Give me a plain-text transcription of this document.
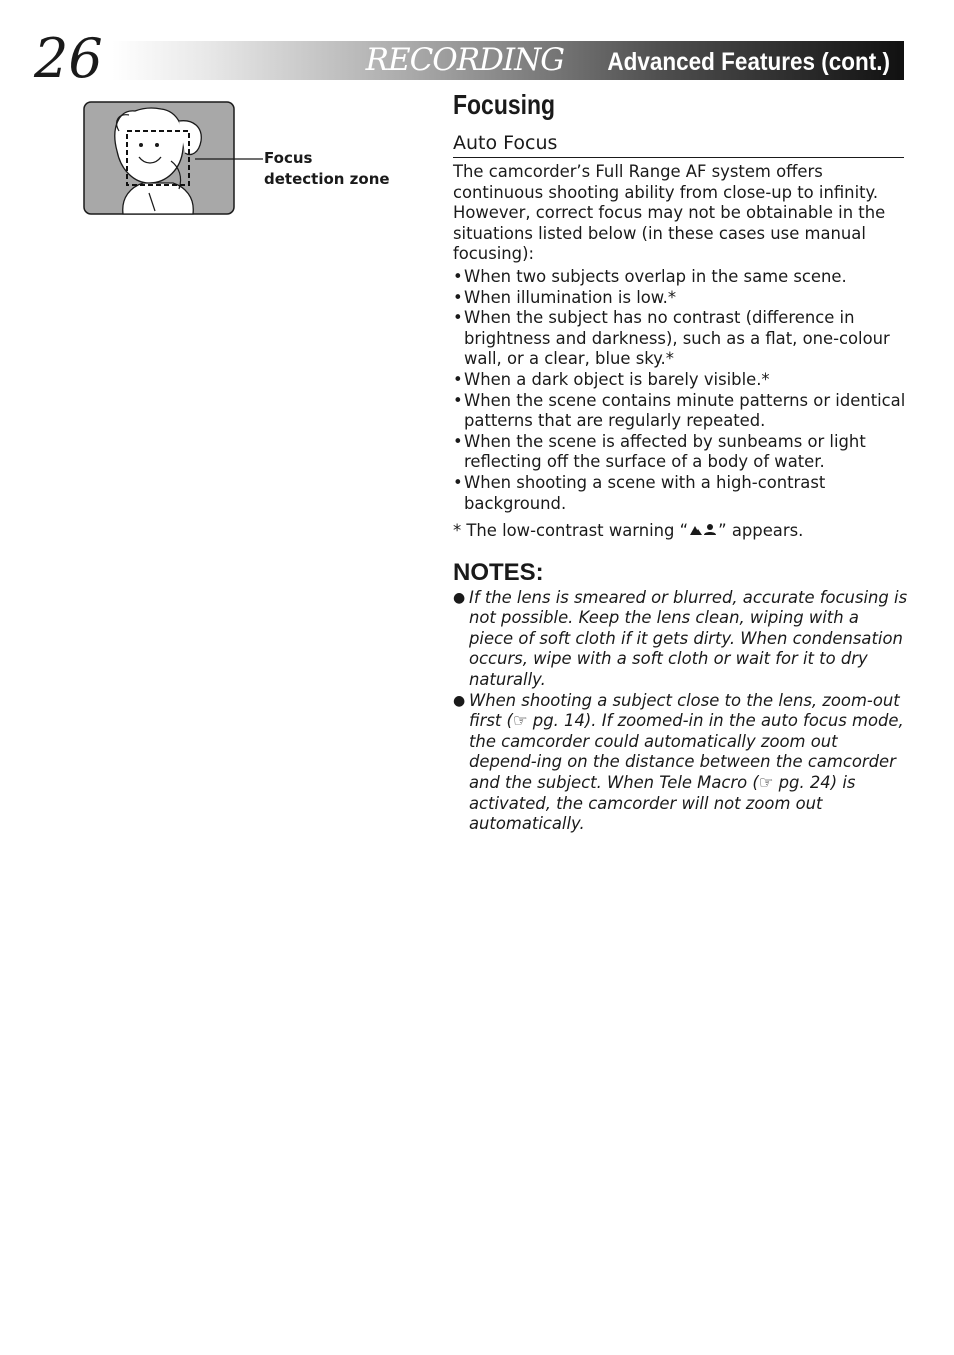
26	RECORDING Advanced Features (cont.)
Focus
detection zone
Focusing
Auto Focus

The camcorder’s Full Range AF system offers continuous shooting ability from close-up to infinity. However, correct focus may not be obtainable in the situations listed below (in these cases use manual focusing):

• When two subjects overlap in the same scene.
• When illumination is low.*
• When the subject has no contrast (difference in brightness and darkness), such as a flat, one-colour wall, or a clear, blue sky.*
• When a dark object is barely visible.*
• When the scene contains minute patterns or identical patterns that are regularly repeated.
• When the scene is affected by sunbeams or light reflecting off the surface of a body of water.
• When shooting a scene with a high-contrast background.

* The low-contrast warning “ ” appears.

NOTES:
● If the lens is smeared or blurred, accurate focusing is not possible. Keep the lens clean, wiping with a piece of soft cloth if it gets dirty. When condensation occurs, wipe with a soft cloth or wait for it to dry naturally.
● When shooting a subject close to the lens, zoom-out first (☞ pg. 14). If zoomed-in in the auto focus mode, the camcorder could automatically zoom out depend-ing on the distance between the camcorder and the subject. When Tele Macro (☞ pg. 24) is activated, the camcorder will not zoom out automatically.
